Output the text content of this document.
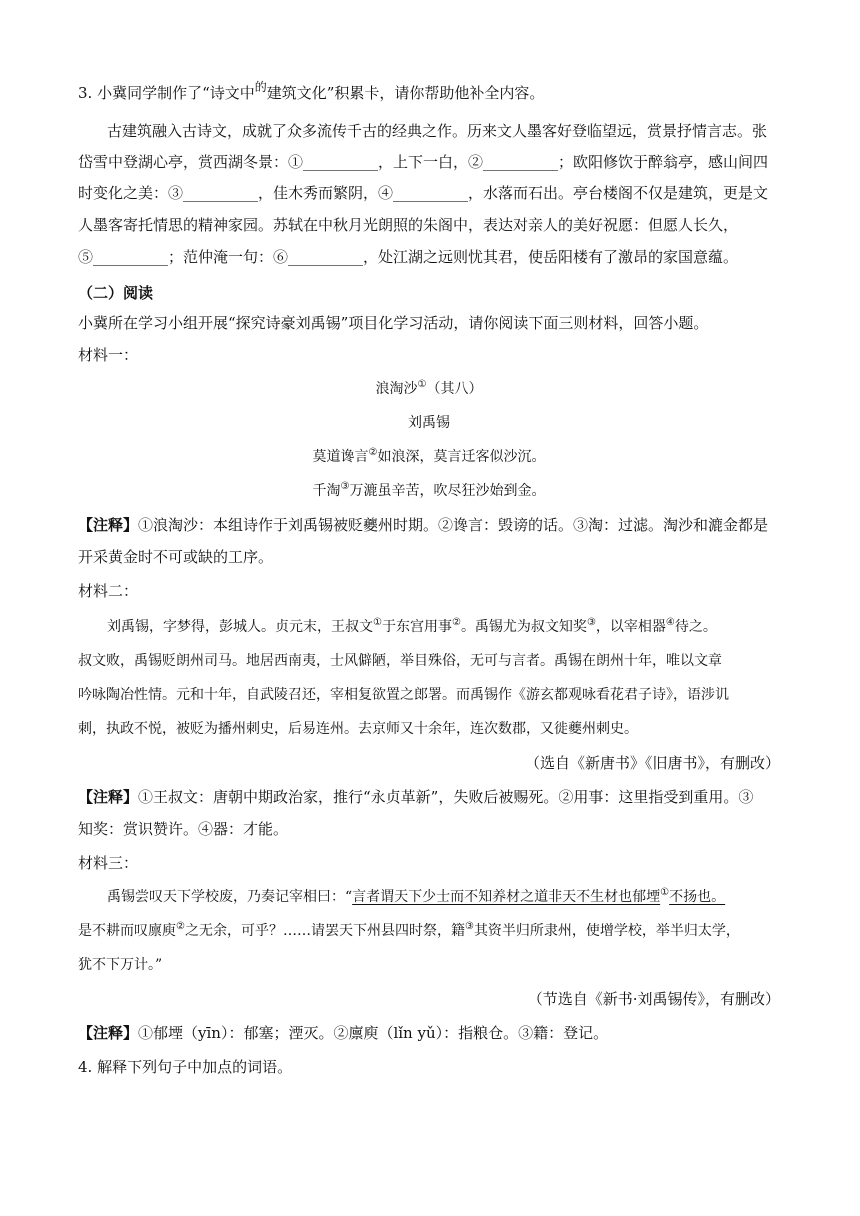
3. 小冀同学制作了“诗文中$^的$建筑文化”积累卡，请你帮助他补全内容。
古建筑融入古诗文，成就了众多流传千古的经典之作。历来文人墨客好登临望远，赏景抒情言志。张
岱雪中登湖心亭，赏西湖冬景：①__________，上下一白，②__________；欧阳修饮于醉翁亭，感山间四
时变化之美：③__________，佳木秀而繁阴，④__________，水落而石出。亭台楼阁不仅是建筑，更是文
人墨客寄托情思的精神家园。苏轼在中秋月光朗照的朱阁中，表达对亲人的美好祝愿：但愿人长久，
⑤__________；范仲淹一句：⑥__________，处江湖之远则忧其君，使岳阳楼有了激昂的家国意蕴。
（二）阅读
小冀所在学习小组开展“探究诗豪刘禹锡”项目化学习活动，请你阅读下面三则材料，回答小题。
材料一：
浪淘沙①（其八）
刘禹锡
莫道谗言②如浪深，莫言迁客似沙沉。
千淘③万漉虽辛苦，吹尽狂沙始到金。
【注释】①浪淘沙：本组诗作于刘禹锡被贬夔州时期。②谗言：毁谤的话。③淘：过滤。淘沙和漉金都是
开采黄金时不可或缺的工序。
材料二：
刘禹锡，字梦得，彭城人。贞元末，王叔文①于东宫用事②。禹锡尤为叔文知奖③，以宰相器④待之。
叔文败，禹锡贬朗州司马。地居西南夷，士风僻陋，举目殊俗，无可与言者。禹锡在朗州十年，唯以文章
吟咏陶冶性情。元和十年，自武陵召还，宰相复欲置之郎署。而禹锡作《游玄都观咏看花君子诗》，语涉讥
刺，执政不悦，被贬为播州刺史，后易连州。去京师又十余年，连次数郡，又徙夔州刺史。
（选自《新唐书》《旧唐书》，有删改）
【注释】①王叔文：唐朝中期政治家，推行“永贞革新”，失败后被赐死。②用事：这里指受到重用。③
知奖：赏识赞许。④器：才能。
材料三：
禹锡尝叹天下学校废，乃奏记宰相曰：“言者谓天下少士而不知养材之道非天不生材也郁堙①不扬也。
是不耕而叹廪庾②之无余，可乎？……请罢天下州县四时祭，籍③其资半归所隶州，使增学校，举半归太学，
犹不下万计。”
（节选自《新书·刘禹锡传》，有删改）
【注释】①郁堙（yīn）：郁塞；湮灭。②廪庾（lǐn yǔ）：指粮仓。③籍：登记。
4. 解释下列句子中加点的词语。
